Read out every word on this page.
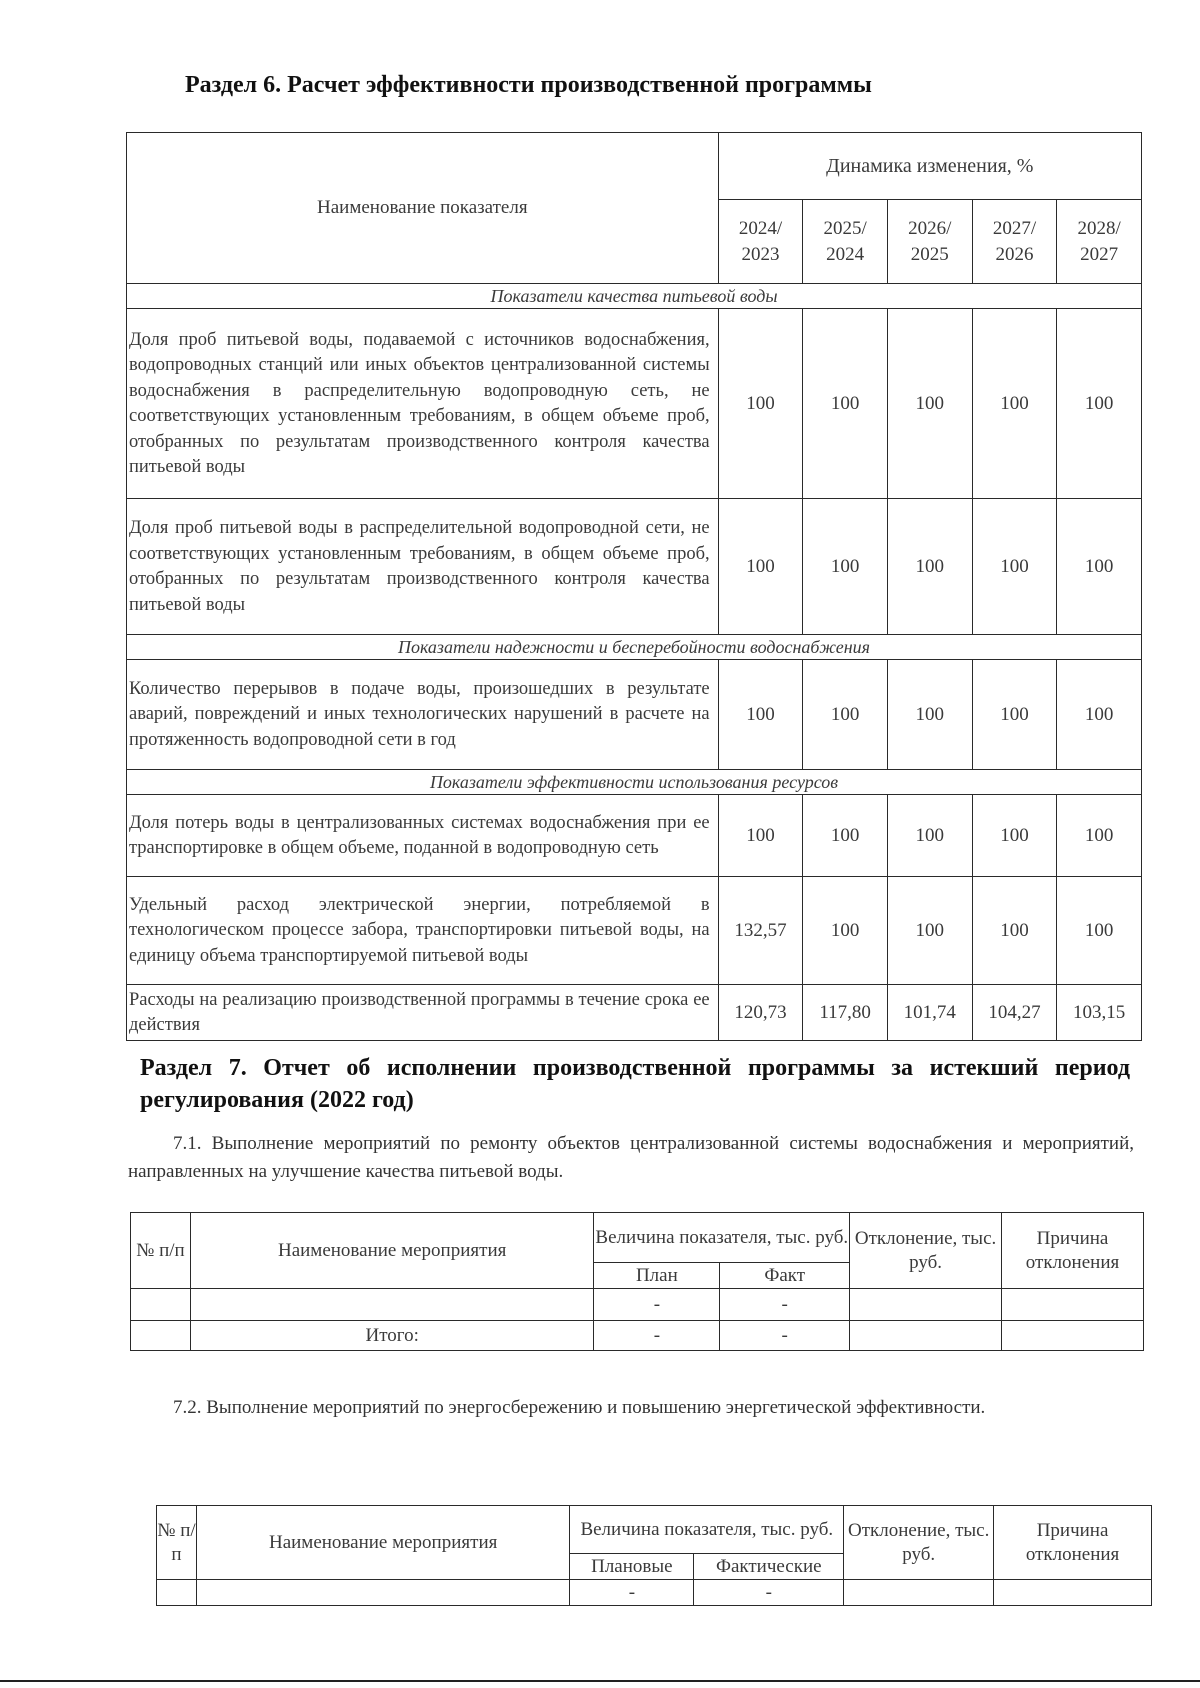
Раздел 6. Расчет эффективности производственной программы
Наименование показателя	Динамика изменения, %				
	2024/ 2023	2025/ 2024	2026/ 2025	2027/ 2026	2028/ 2027
Показатели качества питьевой воды					
Доля проб питьевой воды, подаваемой с источников водоснабжения, водопроводных станций или иных объектов централизованной системы водоснабжения в распределительную водопроводную сеть, не соответствующих установленным требованиям, в общем объеме проб, отобранных по результатам производственного контроля качества питьевой воды	100	100	100	100	100
Доля проб питьевой воды в распределительной водопроводной сети, не соответствующих установленным требованиям, в общем объеме проб, отобранных по результатам производственного контроля качества питьевой воды	100	100	100	100	100
Показатели надежности и бесперебойности водоснабжения					
Количество перерывов в подаче воды, произошедших в результате аварий, повреждений и иных технологических нарушений в расчете на протяженность водопроводной сети в год	100	100	100	100	100
Показатели эффективности использования ресурсов					
Доля потерь воды в централизованных системах водоснабжения при ее транспортировке в общем объеме, поданной в водопроводную сеть	100	100	100	100	100
Удельный расход электрической энергии, потребляемой в технологическом процессе забора, транспортировки питьевой воды, на единицу объема транспортируемой питьевой воды	132,57	100	100	100	100
Расходы на реализацию производственной программы в течение срока ее действия	120,73	117,80	101,74	104,27	103,15
Раздел 7. Отчет об исполнении производственной программы за истекший период регулирования (2022 год)

7.1. Выполнение мероприятий по ремонту объектов централизованной системы водоснабжения и мероприятий, направленных на улучшение качества питьевой воды.

№ п/п	Наименование мероприятия	Величина показателя, тыс. руб.		Отклонение, тыс. руб.	Причина отклонения
		План	Факт		
		-	-		
	Итого:	-	-		

7.2. Выполнение мероприятий по энергосбережению и повышению энергетической эффективности.

№ п/п	Наименование мероприятия	Величина показателя, тыс. руб.		Отклонение, тыс. руб.	Причина отклонения
		Плановые	Фактические		
		-	-		
